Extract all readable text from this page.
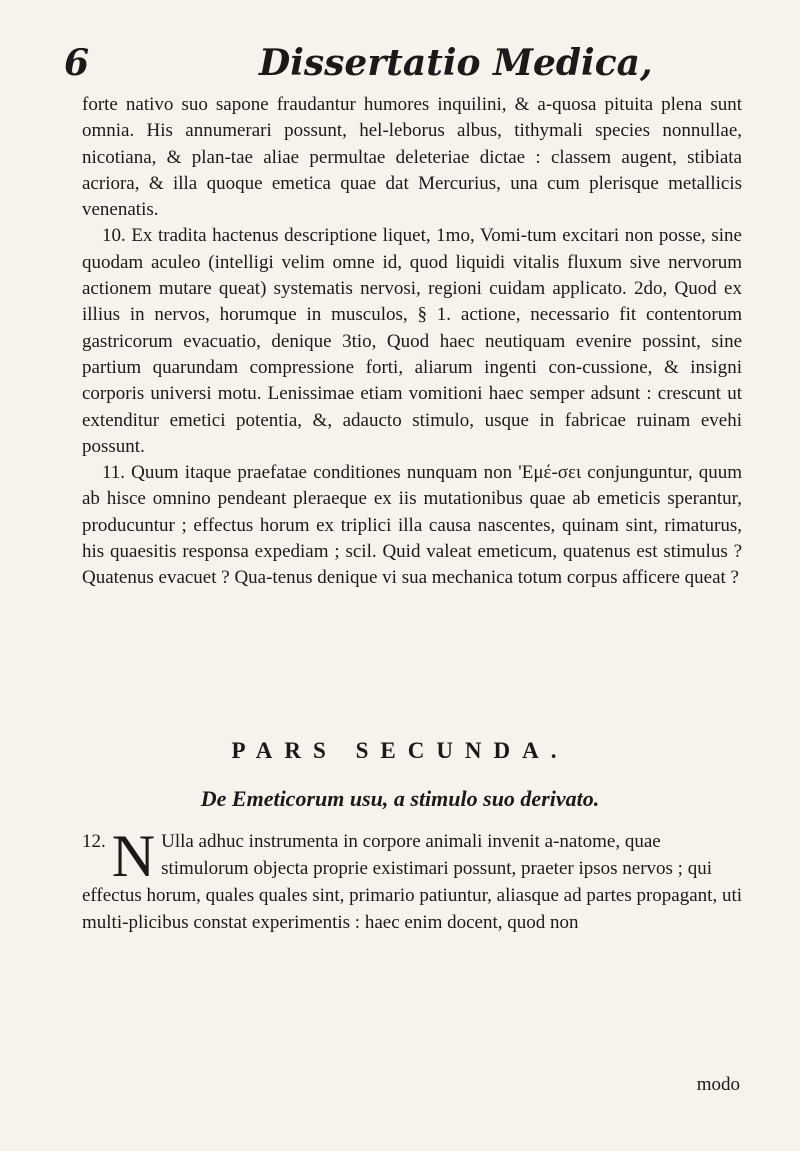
6	Dissertatio Medica,

forte nativo suo sapone fraudantur humores inquilini, & a-quosa pituita plena sunt omnia. His annumerari possunt, hel-leborus albus, tithymali species nonnullae, nicotiana, & plan-tae aliae permultae deleteriae dictae : classem augent, stibiata acriora, & illa quoque emetica quae dat Mercurius, una cum plerisque metallicis venenatis.

10. Ex tradita hactenus descriptione liquet, 1mo, Vomi-tum excitari non posse, sine quodam aculeo (intelligi velim omne id, quod liquidi vitalis fluxum sive nervorum actionem mutare queat) systematis nervosi, regioni cuidam applicato. 2do, Quod ex illius in nervos, horumque in musculos, § 1. actione, necessario fit contentorum gastricorum evacuatio, denique 3tio, Quod haec neutiquam evenire possint, sine partium quarundam compressione forti, aliarum ingenti con-cussione, & insigni corporis universi motu. Lenissimae etiam vomitioni haec semper adsunt : crescunt ut extenditur emetici potentia, &, adaucto stimulo, usque in fabricae ruinam evehi possunt.

11. Quum itaque praefatae conditiones nunquam non 'Εμέ-σει conjunguntur, quum ab hisce omnino pendeant pleraeque ex iis mutationibus quae ab emeticis sperantur, producuntur ; effectus horum ex triplici illa causa nascentes, quinam sint, rimaturus, his quaesitis responsa expediam ; scil. Quid valeat emeticum, quatenus est stimulus ? Quatenus evacuet ? Qua-tenus denique vi sua mechanica totum corpus afficere queat ?

PARS SECUNDA.
De Emeticorum usu, a stimulo suo derivato.
12. N Ulla adhuc instrumenta in corpore animali invenit a-natome, quae stimulorum objecta proprie existimari possunt, praeter ipsos nervos ; qui effectus horum, quales quales sint, primario patiuntur, aliasque ad partes propagant, uti multi-plicibus constat experimentis : haec enim docent, quod non
modo
